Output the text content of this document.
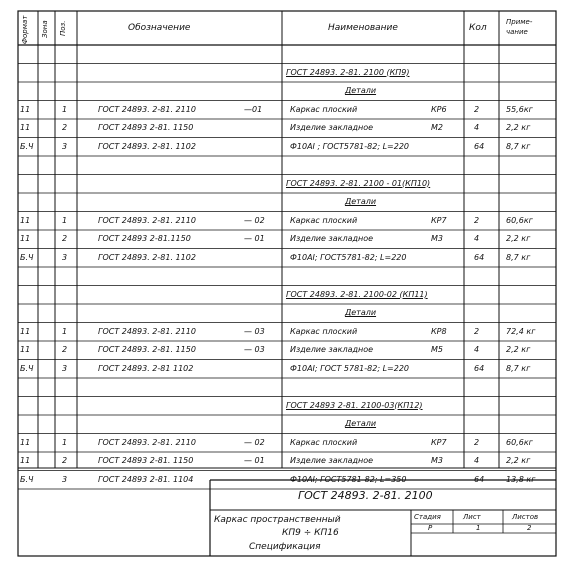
Формат Зона Поз.	Обозначение	Наименование	Кол
Приме-
чание
ГОСТ 24893. 2-81. 2100 (КП9)
Детали
11	1	ГОСТ 24893. 2-81. 2110	—01	Каркас плоский	КР6	2	55,6кг
11	2	ГОСТ 24893 2-81. 1150	Изделие закладное	М2	4	2,2 кг
Б.Ч	3	ГОСТ 24893. 2-81. 1102	Ф10АI ; ГОСТ5781-82; L=220	64	8,7 кг
ГОСТ 24893. 2-81. 2100 - 01(КП10)
Детали
11	1	ГОСТ 24893. 2-81. 2110	— 02	Каркас плоский	КР7	2	60,6кг
11	2	ГОСТ 24893 2-81.1150	— 01	Изделие закладное	М3	4	2,2 кг
Б.Ч	3	ГОСТ 24893. 2-81. 1102	Ф10АI; ГОСТ5781-82; L=220	64	8,7 кг
ГОСТ 24893. 2-81. 2100-02 (КП11)
Детали
11	1	ГОСТ 24893. 2-81. 2110	— 03	Каркас плоский	КР8	2	72,4 кг
11	2	ГОСТ 24893. 2-81. 1150	— 03	Изделие закладное	М5	4	2,2 кг
Б.Ч	3	ГОСТ 24893. 2-81 1102	Ф10АI; ГОСТ 5781-82; L=220	64	8,7 кг
ГОСТ 24893 2-81. 2100-03(КП12)
Детали
11	1	ГОСТ 24893. 2-81. 2110	— 02	Каркас плоский	КР7	2	60,6кг
11	2	ГОСТ 24893 2-81. 1150	— 01	Изделие закладное	М3	4	2,2 кг
Б.Ч	3	ГОСТ 24893 2-81. 1104	Ф10АI; ГОСТ5781-82; L=350	64	13,8 кг
ГОСТ 24893. 2-81. 2100
Каркас пространственный
КП9 ÷ КП16
Спецификация
Стадия	Лист	Листов
Р	1	2
